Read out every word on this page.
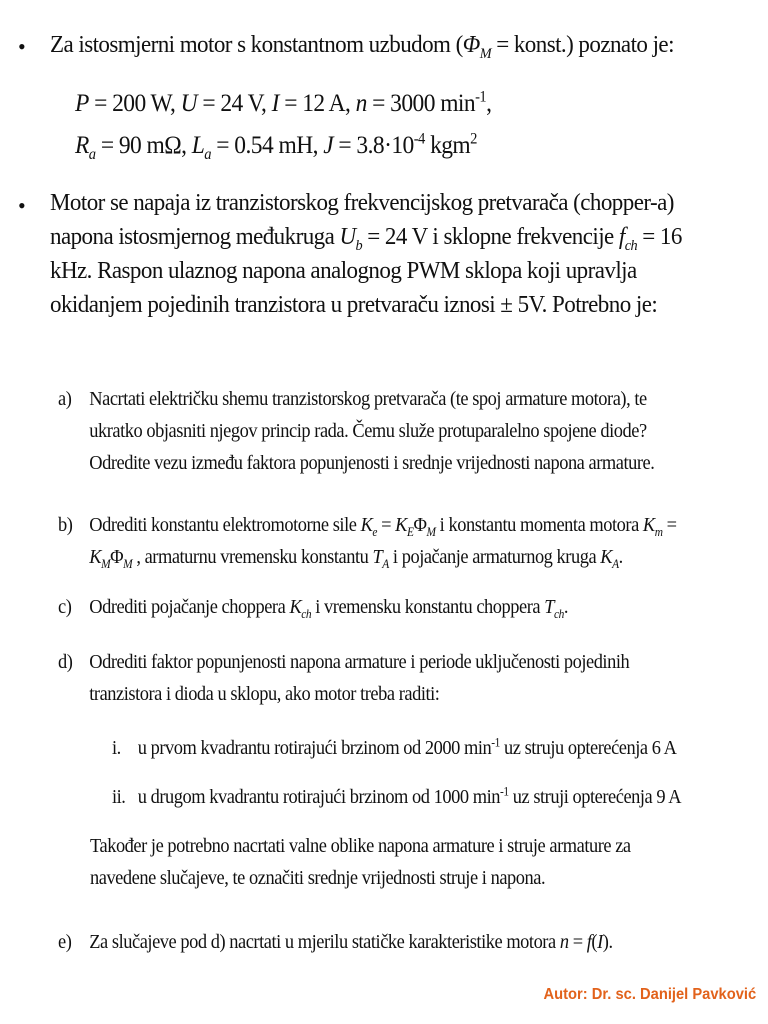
• Za istosmjerni motor s konstantnom uzbudom ($\Phi_M$ = konst.) poznato je:
P = 200 W, U = 24 V, I = 12 A, n = 3000 $\min^{-1}$,
$R_a = 90$ mΩ, $L_a = 0.54$ mH, $J = 3.8\cdot 10^{-4}$ kgm$^2$
• Motor se napaja iz tranzistorskog frekvencijskog pretvarača (chopper-a) napona istosmjernog međukruga $U_b = 24$ V i sklopne frekvencije $f_{ch} = 16$ kHz. Raspon ulaznog napona analognog PWM sklopa koji upravlja okidanjem pojedinih tranzistora u pretvaraču iznosi ± 5V. Potrebno je:
a) Nacrtati električku shemu tranzistorskog pretvarača (te spoj armature motora), te ukratko objasniti njegov princip rada. Čemu služe protuparalelno spojene diode? Odredite vezu između faktora popunjenosti i srednje vrijednosti napona armature.
b) Odrediti konstantu elektromotorne sile $K_e = K_E\Phi_M$ i konstantu momenta motora $K_m = K_M\Phi_M$ , armaturnu vremensku konstantu $T_A$ i pojačanje armaturnog kruga $K_A$.
c) Odrediti pojačanje choppera $K_{ch}$ i vremensku konstantu choppera $T_{ch}$.
d) Odrediti faktor popunjenosti napona armature i periode uključenosti pojedinih tranzistora i dioda u sklopu, ako motor treba raditi:
i. u prvom kvadrantu rotirajući brzinom od 2000 $\min^{-1}$ uz struju opterećenja 6 A
ii. u drugom kvadrantu rotirajući brzinom od 1000 $\min^{-1}$ uz struji opterećenja 9 A
Također je potrebno nacrtati valne oblike napona armature i struje armature za navedene slučajeve, te označiti srednje vrijednosti struje i napona.
e) Za slučajeve pod d) nacrtati u mjerilu statičke karakteristike motora n = f(I).
Autor: Dr. sc. Danijel Pavković
